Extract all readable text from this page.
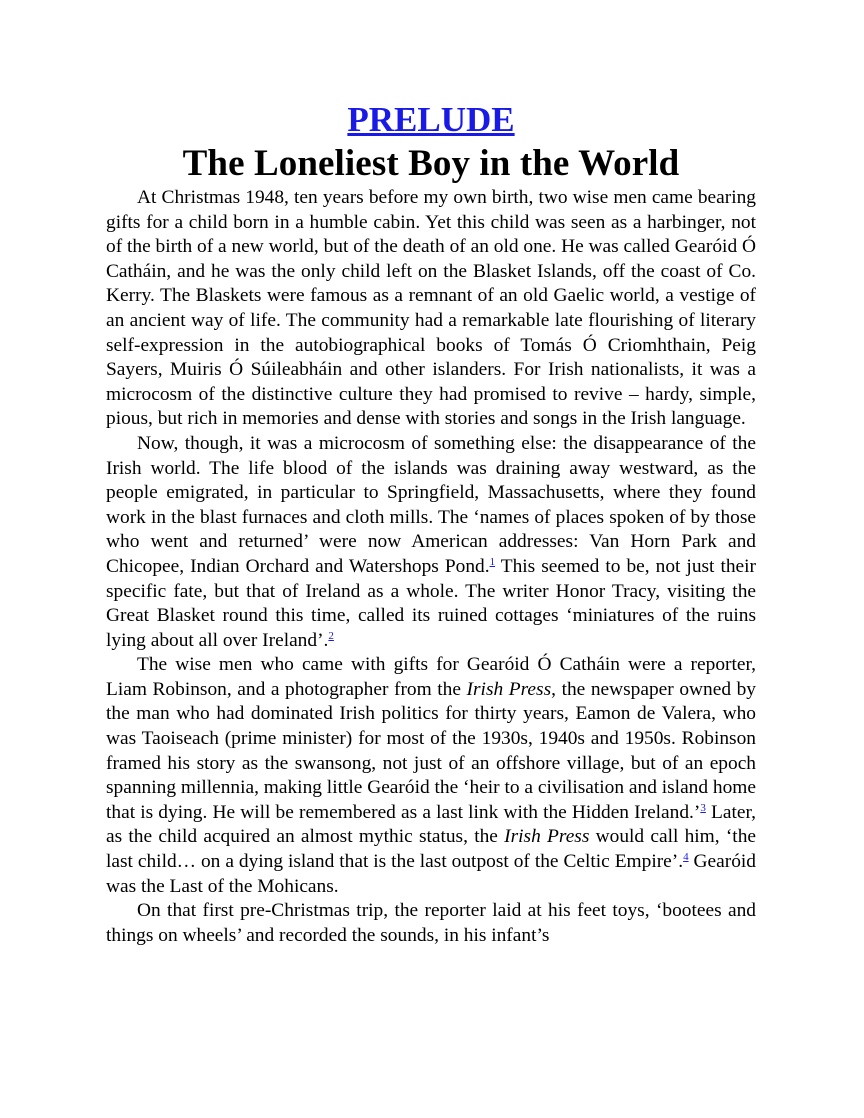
PRELUDE
The Loneliest Boy in the World

At Christmas 1948, ten years before my own birth, two wise men came bearing gifts for a child born in a humble cabin. Yet this child was seen as a harbinger, not of the birth of a new world, but of the death of an old one. He was called Gearóid Ó Catháin, and he was the only child left on the Blasket Islands, off the coast of Co. Kerry. The Blaskets were famous as a remnant of an old Gaelic world, a vestige of an ancient way of life. The community had a remarkable late flourishing of literary self-expression in the autobiographical books of Tomás Ó Criomhthain, Peig Sayers, Muiris Ó Súileabháin and other islanders. For Irish nationalists, it was a microcosm of the distinctive culture they had promised to revive – hardy, simple, pious, but rich in memories and dense with stories and songs in the Irish language.

Now, though, it was a microcosm of something else: the disappearance of the Irish world. The life blood of the islands was draining away westward, as the people emigrated, in particular to Springfield, Massachusetts, where they found work in the blast furnaces and cloth mills. The ‘names of places spoken of by those who went and returned’ were now American addresses: Van Horn Park and Chicopee, Indian Orchard and Watershops Pond.$^1$ This seemed to be, not just their specific fate, but that of Ireland as a whole. The writer Honor Tracy, visiting the Great Blasket round this time, called its ruined cottages ‘miniatures of the ruins lying about all over Ireland’.$^2$

The wise men who came with gifts for Gearóid Ó Catháin were a reporter, Liam Robinson, and a photographer from the Irish Press, the newspaper owned by the man who had dominated Irish politics for thirty years, Eamon de Valera, who was Taoiseach (prime minister) for most of the 1930s, 1940s and 1950s. Robinson framed his story as the swansong, not just of an offshore village, but of an epoch spanning millennia, making little Gearóid the ‘heir to a civilisation and island home that is dying. He will be remembered as a last link with the Hidden Ireland.’$^3$ Later, as the child acquired an almost mythic status, the Irish Press would call him, ‘the last child… on a dying island that is the last outpost of the Celtic Empire’.$^4$ Gearóid was the Last of the Mohicans.

On that first pre-Christmas trip, the reporter laid at his feet toys, ‘bootees and things on wheels’ and recorded the sounds, in his infant’s
